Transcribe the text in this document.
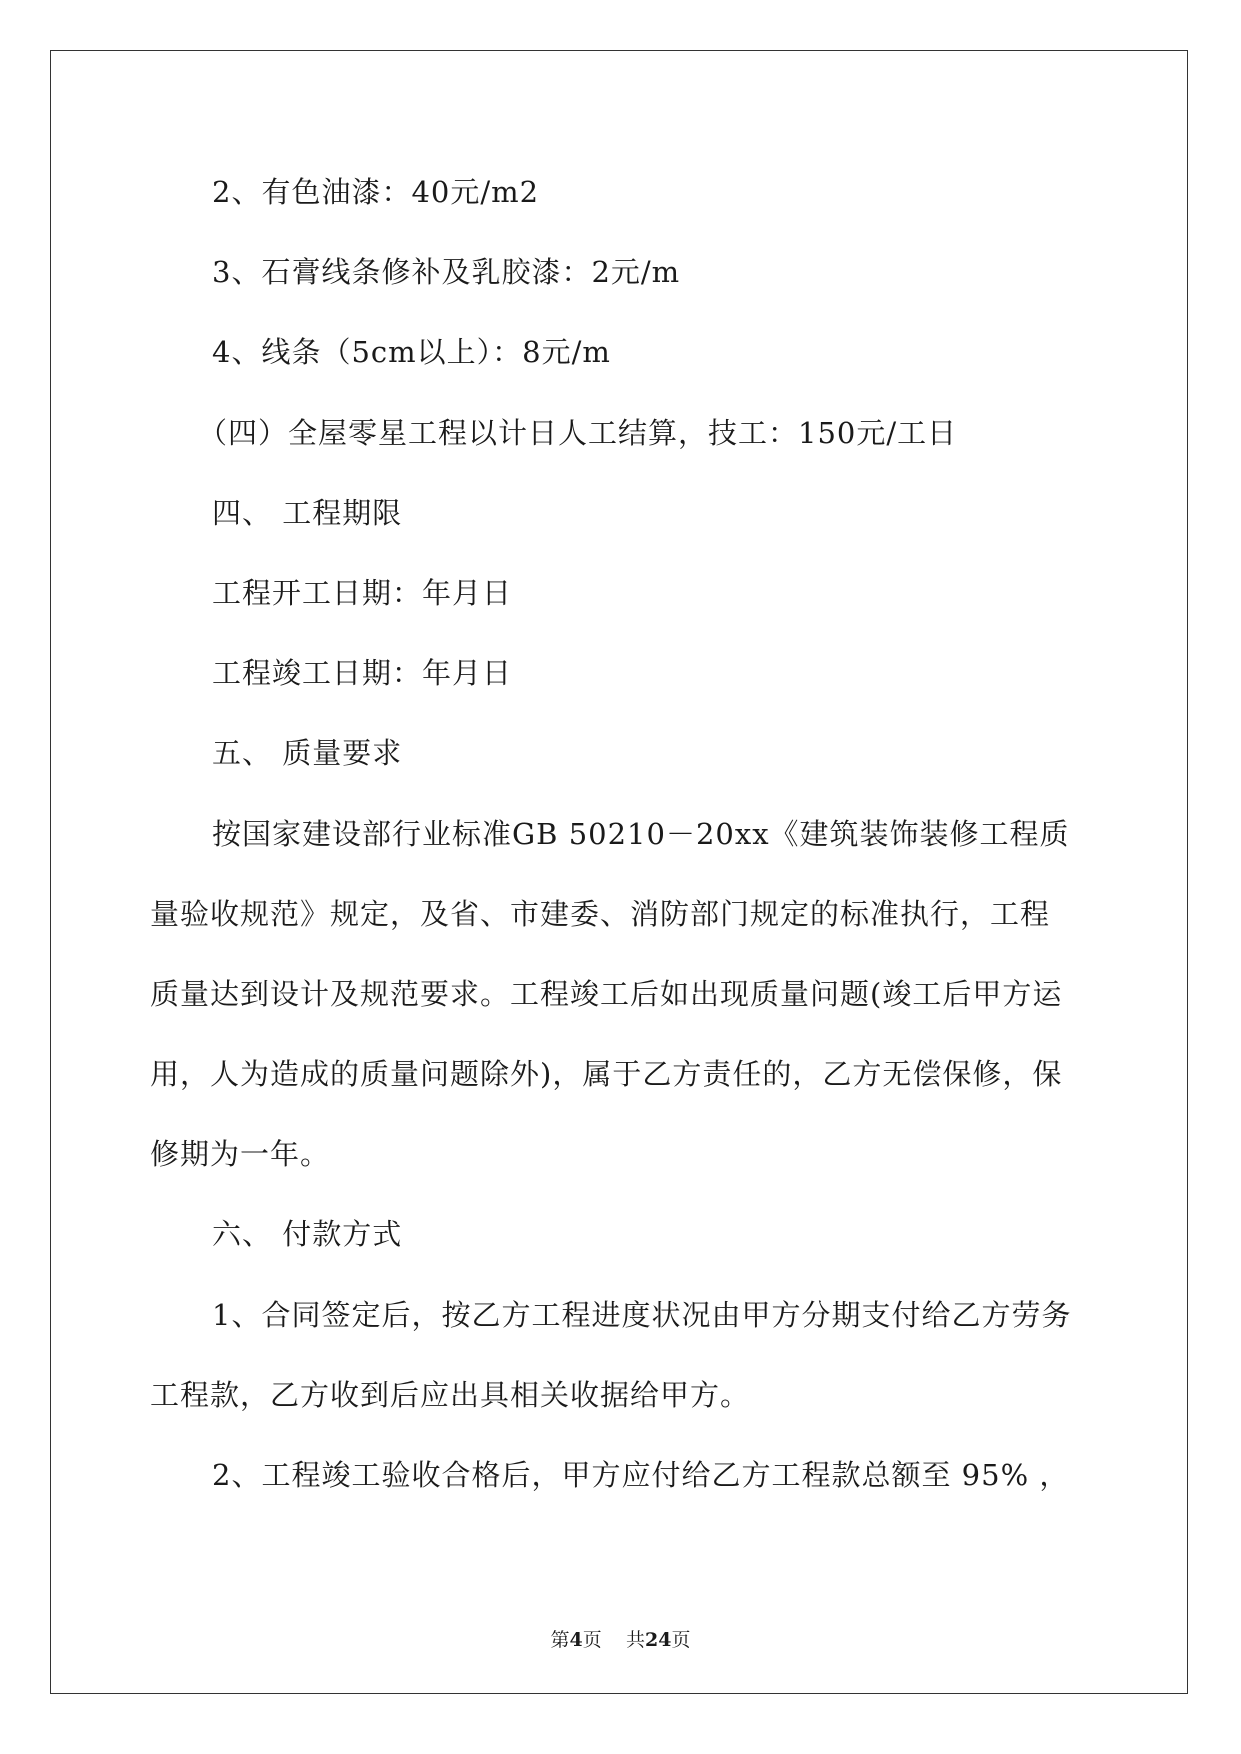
2、有色油漆：40元/m2
3、石膏线条修补及乳胶漆：2元/m
4、线条（5cm以上）：8元/m
（四）全屋零星工程以计日人工结算，技工：150元/工日
四、 工程期限
工程开工日期：年月日
工程竣工日期：年月日
五、 质量要求
按国家建设部行业标准GB 50210－20xx《建筑装饰装修工程质
量验收规范》规定，及省、市建委、消防部门规定的标准执行，工程
质量达到设计及规范要求。工程竣工后如出现质量问题(竣工后甲方运
用，人为造成的质量问题除外)，属于乙方责任的，乙方无偿保修，保
修期为一年。
六、 付款方式
1、合同签定后，按乙方工程进度状况由甲方分期支付给乙方劳务
工程款，乙方收到后应出具相关收据给甲方。
2、工程竣工验收合格后，甲方应付给乙方工程款总额至 95% ，
第4页 共24页
